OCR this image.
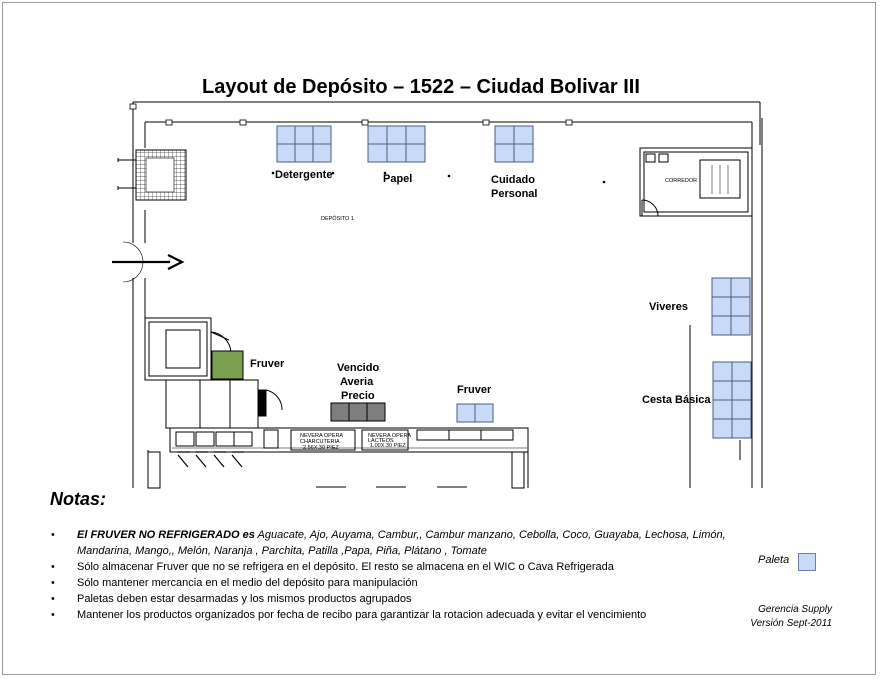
Layout de Depósito – 1522 – Ciudad Bolivar III
Detergente	Papel	Cuidado
Personal
DEPÓSITO 1
CORREDOR
Viveres
Cesta Básica
NEVERA OPERA
CHARCUTERIA
2.56X.30 PIEZ
NEVERA OPERA
LACTEOS
1.00X.30 PIEZ
Fruver	Vencido
Averia
Precio	Fruver
Notas:
• El FRUVER NO REFRIGERADO es Aguacate, Ajo, Auyama, Cambur,, Cambur manzano, Cebolla, Coco, Guayaba, Lechosa, Limón, Mandarina, Mango,, Melón, Naranja , Parchita, Patilla ,Papa, Piña, Plátano , Tomate
• Sólo almacenar Fruver que no se refrigera en el depósito. El resto se almacena en el WIC o Cava Refrigerada
• Sólo mantener mercancia en el medio del depósito para manipulación
• Paletas deben estar desarmadas y los mismos productos agrupados
• Mantener los productos organizados por fecha de recibo para garantizar la rotacion adecuada y evitar el vencimiento
Paleta
Gerencia Supply
Versión Sept-2011
